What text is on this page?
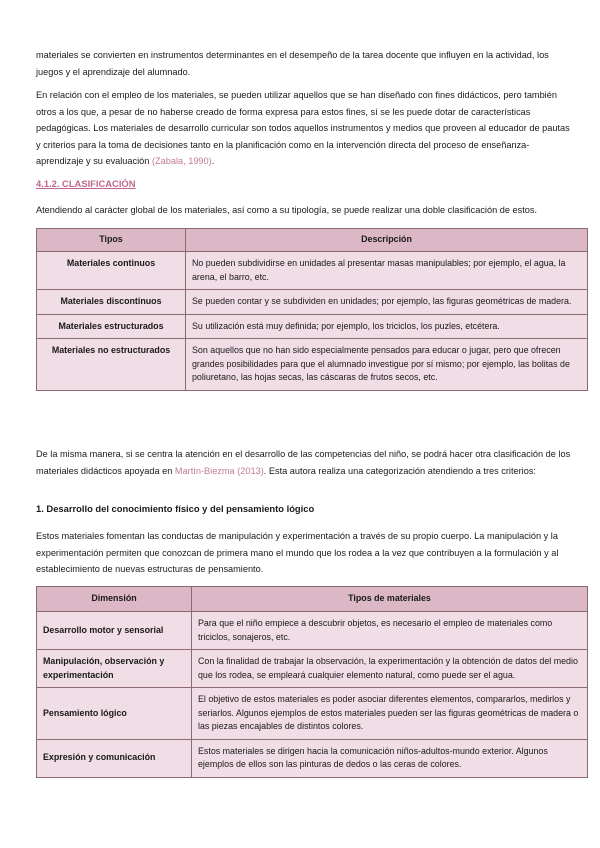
materiales se convierten en instrumentos determinantes en el desempeño de la tarea docente que influyen en la actividad, los juegos y el aprendizaje del alumnado.

En relación con el empleo de los materiales, se pueden utilizar aquellos que se han diseñado con fines didácticos, pero también otros a los que, a pesar de no haberse creado de forma expresa para estos fines, sí se les puede dotar de características pedagógicas. Los materiales de desarrollo curricular son todos aquellos instrumentos y medios que proveen al educador de pautas y criterios para la toma de decisiones tanto en la planificación como en la intervención directa del proceso de enseñanza-aprendizaje y su evaluación (Zabala, 1990).

4.1.2. CLASIFICACIÓN

Atendiendo al carácter global de los materiales, así como a su tipología, se puede realizar una doble clasificación de estos.

Tipos	Descripción
Materiales continuos	No pueden subdividirse en unidades al presentar masas manipulables; por ejemplo, el agua, la arena, el barro, etc.
Materiales discontinuos	Se pueden contar y se subdividen en unidades; por ejemplo, las figuras geométricas de madera.
Materiales estructurados	Su utilización está muy definida; por ejemplo, los triciclos, los puzles, etcétera.
Materiales no estructurados	Son aquellos que no han sido especialmente pensados para educar o jugar, pero que ofrecen grandes posibilidades para que el alumnado investigue por sí mismo; por ejemplo, las bolitas de poliuretano, las hojas secas, las cáscaras de frutos secos, etc.

De la misma manera, si se centra la atención en el desarrollo de las competencias del niño, se podrá hacer otra clasificación de los materiales didácticos apoyada en Martín-Biezma (2013). Esta autora realiza una categorización atendiendo a tres criterios:

1. Desarrollo del conocimiento físico y del pensamiento lógico

Estos materiales fomentan las conductas de manipulación y experimentación a través de su propio cuerpo. La manipulación y la experimentación permiten que conozcan de primera mano el mundo que los rodea a la vez que contribuyen a la formulación y al establecimiento de nuevas estructuras de pensamiento.

Dimensión	Tipos de materiales
Desarrollo motor y sensorial	Para que el niño empiece a descubrir objetos, es necesario el empleo de materiales como triciclos, sonajeros, etc.
Manipulación, observación y experimentación	Con la finalidad de trabajar la observación, la experimentación y la obtención de datos del medio que los rodea, se empleará cualquier elemento natural, como puede ser el agua.
Pensamiento lógico	El objetivo de estos materiales es poder asociar diferentes elementos, compararlos, medirlos y seriarlos. Algunos ejemplos de estos materiales pueden ser las figuras geométricas de madera o las piezas encajables de distintos colores.
Expresión y comunicación	Estos materiales se dirigen hacia la comunicación niños-adultos-mundo exterior. Algunos ejemplos de ellos son las pinturas de dedos o las ceras de colores.
